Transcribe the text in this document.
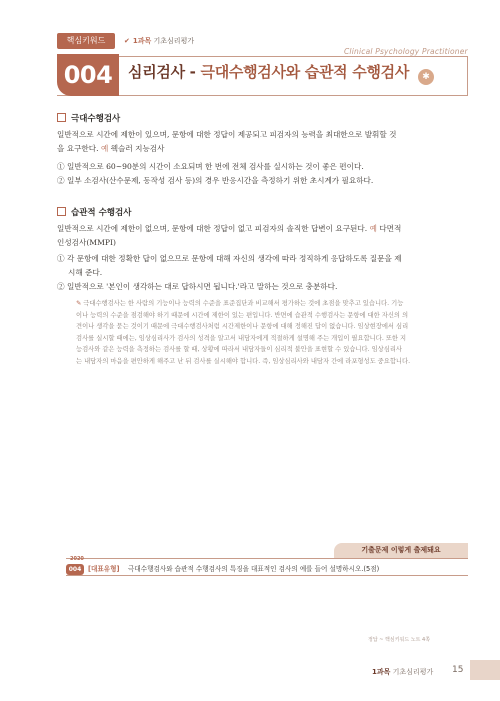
핵심키워드	✔ 1과목 기초심리평가
Clinical Psychology Practitioner
004	심리검사 - 극대수행검사와 습관적 수행검사	✱
극대수행검사
일반적으로 시간에 제한이 있으며, 문항에 대한 정답이 제공되고 피검자의 능력을 최대한으로 발휘할 것
을 요구한다. 예 웩슬러 지능검사
① 일반적으로 60~90분의 시간이 소요되며 한 번에 전체 검사를 실시하는 것이 좋은 편이다.
② 일부 소검사(산수문제, 동작성 검사 등)의 경우 반응시간을 측정하기 위한 초시계가 필요하다.
습관적 수행검사
일반적으로 시간에 제한이 없으며, 문항에 대한 정답이 없고 피검자의 솔직한 답변이 요구된다. 예 다면적
인성검사(MMPI)
① 각 문항에 대한 정확한 답이 없으므로 문항에 대해 자신의 생각에 따라 정직하게 응답하도록 질문을 제
시해 준다.
② 일반적으로 '본인이 생각하는 대로 답하시면 됩니다.'라고 말하는 것으로 충분하다.
✎ 극대수행검사는 한 사람의 기능이나 능력의 수준을 표준집단과 비교해서 평가하는 것에 초점을 맞추고 있습니다. 기능
이나 능력의 수준을 점검해야 하기 때문에 시간에 제한이 있는 편입니다. 반면에 습관적 수행검사는 문항에 대한 자신의 의
견이나 생각을 묻는 것이기 때문에 극대수행검사처럼 시간제한이나 문항에 대해 정해진 답이 없습니다. 임상현장에서 심리
검사를 실시할 때에는, 임상심리사가 검사의 성격을 알고서 내담자에게 적절하게 설명해 주는 개입이 필요합니다. 또한 지
능검사와 같은 능력을 측정하는 검사를 할 때, 상황에 따라서 내담자들이 심리적 불안을 표현할 수 있습니다. 임상심리사
는 내담자의 마음을 편안하게 해주고 난 뒤 검사를 실시해야 합니다. 즉, 임상심리사와 내담자 간에 라포형성도 중요합니다.
기출문제 이렇게 출제돼요
2020
004	[대표유형] 극대수행검사와 습관적 수행검사의 특징을 대표적인 검사의 예를 들어 설명하시오.(5점)
정답 ~ 핵심키워드 노트 4쪽
1과목 기초심리평가 15
